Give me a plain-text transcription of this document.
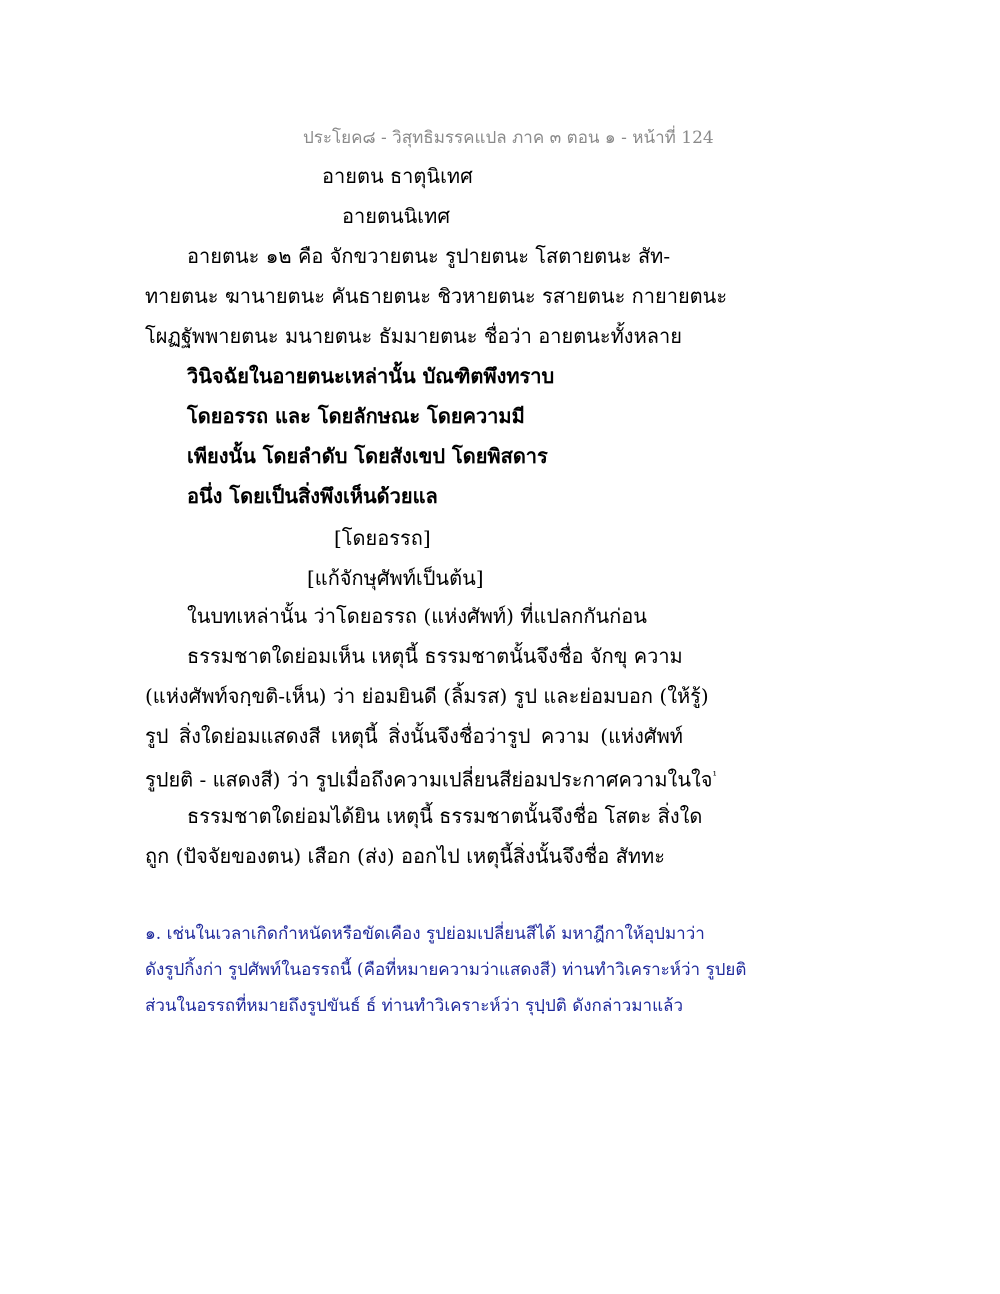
ประโยค๘ - วิสุทธิมรรคแปล ภาค ๓ ตอน ๑ - หน้าที่ 124
อายตน ธาตุนิเทศ
อายตนนิเทศ
อายตนะ ๑๒ คือ จักขวายตนะ รูปายตนะ โสตายตนะ สัท-
ทายตนะ ฆานายตนะ คันธายตนะ ชิวหายตนะ รสายตนะ กายายตนะ
โผฏฐัพพายตนะ มนายตนะ ธัมมายตนะ ชื่อว่า อายตนะทั้งหลาย
วินิจฉัยในอายตนะเหล่านั้น บัณฑิตพึงทราบ
โดยอรรถ และ โดยลักษณะ โดยความมี
เพียงนั้น โดยลำดับ โดยสังเขป โดยพิสดาร
อนึ่ง โดยเป็นสิ่งพึงเห็นด้วยแล
[โดยอรรถ]
[แก้จักษุศัพท์เป็นต้น]
ในบทเหล่านั้น ว่าโดยอรรถ (แห่งศัพท์) ที่แปลกกันก่อน
ธรรมชาตใดย่อมเห็น เหตุนี้ ธรรมชาตนั้นจึงชื่อ จักขุ ความ
(แห่งศัพท์จกฺขติ-เห็น) ว่า ย่อมยินดี (ลิ้มรส) รูป และย่อมบอก (ให้รู้)
รูป สิ่งใดย่อมแสดงสี เหตุนี้ สิ่งนั้นจึงชื่อว่ารูป ความ (แห่งศัพท์
รูปยติ - แสดงสี) ว่า รูปเมื่อถึงความเปลี่ยนสีย่อมประกาศความในใจ$^{^1}$
ธรรมชาตใดย่อมได้ยิน เหตุนี้ ธรรมชาตนั้นจึงชื่อ โสตะ สิ่งใด
ถูก (ปัจจัยของตน) เสือก (ส่ง) ออกไป เหตุนี้สิ่งนั้นจึงชื่อ สัททะ
๑. เช่นในเวลาเกิดกำหนัดหรือขัดเคือง รูปย่อมเปลี่ยนสีได้ มหาฎีกาให้อุปมาว่า
ดังรูปกิ้งก่า รูปศัพท์ในอรรถนี้ (คือที่หมายความว่าแสดงสี) ท่านทำวิเคราะห์ว่า รูปยติ
ส่วนในอรรถที่หมายถึงรูปขันธ์ ธ์ ท่านทำวิเคราะห์ว่า รุปฺปติ ดังกล่าวมาแล้ว
